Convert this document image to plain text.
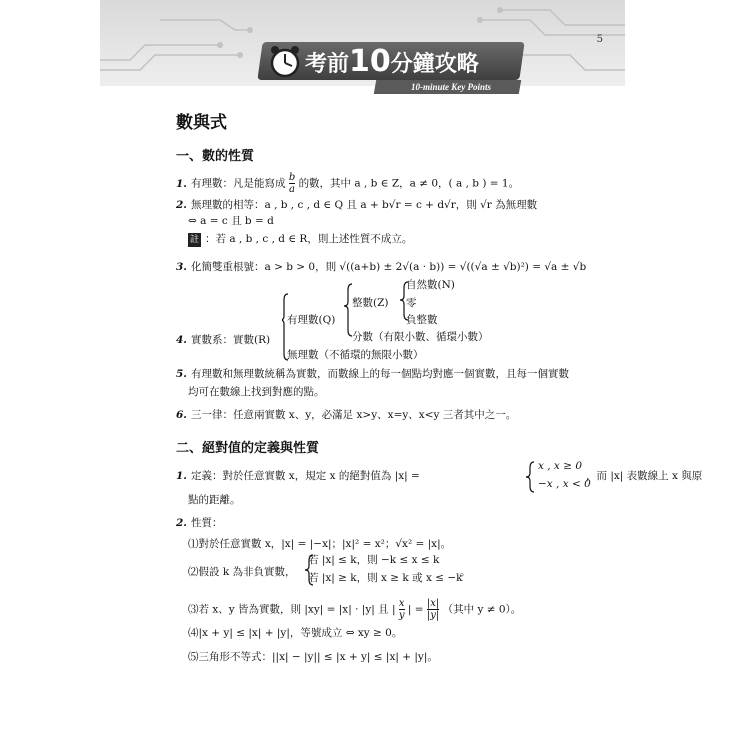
5
10-minute Key Points
考前10分鐘攻略
數與式
一、數的性質
1. 有理數：凡是能寫成 $\frac{b}{a}$ 的數，其中 a , b ∈ Z，a ≠ 0，( a , b ) = 1。
2. 無理數的相等：a , b , c , d ∈ Q 且 a + b√r = c + d√r，則 √r 為無理數
⇔ a = c 且 b = d
註 ：若 a , b , c , d ∈ R，則上述性質不成立。
3. 化簡雙重根號：a > b > 0，則 √((a+b) ± 2√(a · b)) = √((√a ± √b)²) = √a ± √b
4. 實數系：實數(R)
有理數(Q)
整數(Z)
自然數(N)
零
負整數
分數（有限小數、循環小數）
無理數（不循環的無限小數）
5. 有理數和無理數統稱為實數，而數線上的每一個點均對應一個實數，且每一個實數
均可在數線上找到對應的點。
6. 三一律：任意兩實數 x、y，必滿足 x>y、x=y、x<y 三者其中之一。
二、絕對值的定義與性質
1. 定義：對於任意實數 x，規定 x 的絕對值為 |x| =
x , x ≥ 0
−x , x < 0
，而 |x| 表數線上 x 與原
點的距離。
2. 性質：
⑴對於任意實數 x，|x| = |−x|；|x|² = x²；√x² = |x|。
⑵假設 k 為非負實數，
若 |x| ≤ k，則 −k ≤ x ≤ k
若 |x| ≥ k，則 x ≥ k 或 x ≤ −k
。
⑶若 x、y 皆為實數，則 |xy| = |x| · |y| 且 | $\frac{x}{y}$ | = $\frac{|x|}{|y|}$ （其中 y ≠ 0）。
⑷|x + y| ≤ |x| + |y|，等號成立 ⇔ xy ≥ 0。
⑸三角形不等式：||x| − |y|| ≤ |x + y| ≤ |x| + |y|。
